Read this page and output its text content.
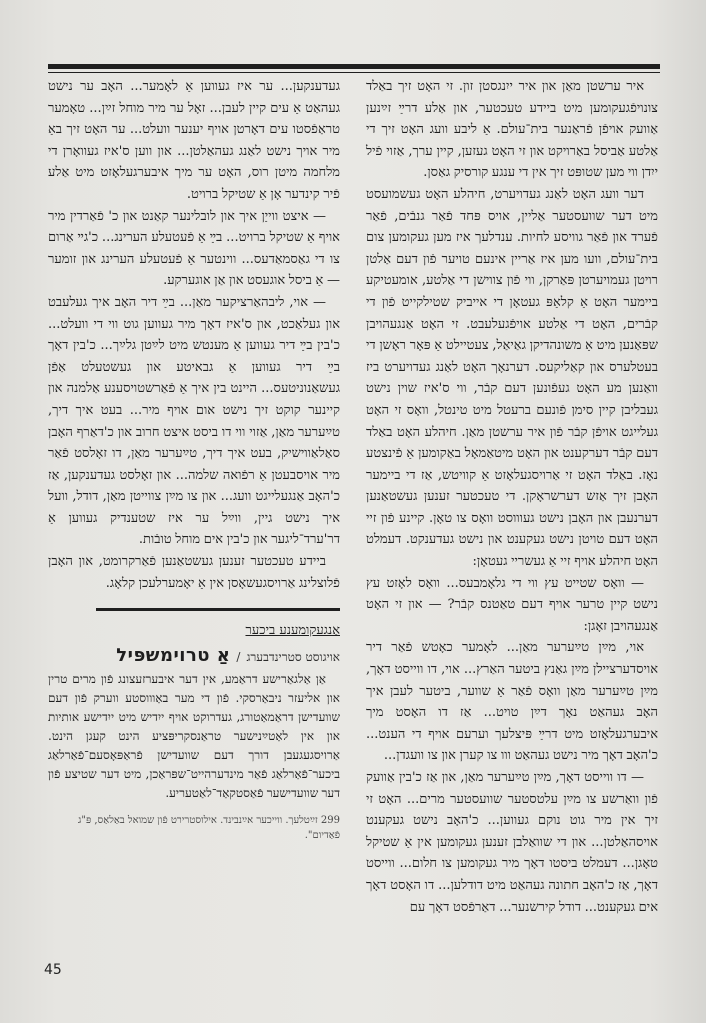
איר ערשטן מאַן און איר ייִנגסטן זון. זי האָט זיך באַלד צונויפֿגעקומען מיט ביידע טעכטער, און אַלע דרײַ זײַנען אַוועק אויפֿן פֿראַנער בית־עולם. אַ ליבע וועג האָט זיך די אַלטע אַביסל באַרויקט און זי האָט געזען, קיין ערך, אַזוי פֿיל ייִדן ווי מען שטופּט זיך אין די ענגע קורסיק גאַסן.

דער וועג האָט לאַנג געדויערט, חיהלע האָט געשמועסט מיט דער שוועסטער אַליין, אויס פּחד פֿאַר גנבֿים, פֿאַר פֿערד און פֿאַר גוויסע לחיות. ענדלעך איז מען געקומען צום בית־עולם, וועו מען איז אַריין אינעם טויער פֿון דעם אַלטן רויטן געמויערטן פּאַרקן, ווי פֿון צווישן די אַלטע, אומעטיקע ביימער האָט אַ קלאַפּ געטאָן די אייביק שטילקייט פֿון די קבֿרים, האָט די אַלטע אויפֿגעלעבט. זי האָט אַנגעהויבן שפּאַנען מיט אַ משונהדיקן גאַיאַל, צעטיילט אַ פּאָר ראָשן די בעטלערס און קאַליקעס. דערנאָך האָט לאַנג געדויערט ביז וואַנען מע האָט געפֿונען דעם קבֿר, ווי ס'איז שוין נישט געבליבן קיין סימן פֿונעם ברעטל מיט טינטל, וואָס זי האָט געלייגט אויפֿן קבֿר פֿון איר ערשטן מאַן. חיהלע האָט באַלד דעם קבֿר דערקענט און האָט מיטאַמאָל באַקומען אַ פֿינצטע נאָז. באַלד האָט זי אַרויסגעלאָזט אַ קוויטש, אַז די ביימער האָבן זיך אַזש דערשראָקן. די טעכטער זענען געשטאַנען דערנעבן און האָבן נישט געוווסט וואָס צו טאָן. קיינע פֿון זיי האָט דעם טויטן נישט געקענט און נישט געדענקט. דעמלט האָט חיהלע אויף זיי אַ געשריי געטאָן:

— וואָס שטייט עץ ווי די גלאָמבעס... וואָס לאָזט עץ נישט קיין טרער אויף דעם טאַטנס קבֿר? — און זי האָט אַנגעהויבן זאָגן:

אוי, מײַן טײַערער מאַן... לאָמער כאָטש פֿאַר דיר אויסדערציילן מײַן גאַנץ ביטער האַרץ... אוי, דו ווייסט דאָך, מײַן טײַערער מאַן וואָס פֿאַר אַ שווער, ביטער לעבן איך האָב געהאַט נאָך דײַן טויט... אַז דו האָסט מיך איבערגעלאָזט מיט דרײַ פּיצלעך וערעם אויף די הענט... כ'האָב דאָך מיר נישט געהאַט ווו צו קערן און צו וועגדן...

— דו ווייסט דאָך, מײַן טײַערער מאַן, און אַז כ'בין אַוועק פֿון וואַרשע צו מײַן עלטסטער שוועסטער מרים... האָט זי זיך אין מיר גוט נוקם געווען... כ'האָב נישט געקענט אויסהאַלטן... און די שוואַלבן זענען געקומען אין אַ שטיקל טאָגן... דעמלט ביסטו דאָך מיר געקומען צו חלום... ווייסט דאָך, אַז כ'האָב חתונה געהאַט מיט דודלען... דו האָסט דאָך אים געקענט... דודל קירשנער... דאַרפֿסט דאָך עם

געדענקען... ער איז געווען אַ לאָמער... האָב ער נישט געהאַט אַ עים קיין לעבן... זאָל ער מיר מוחל זײַן... טאָמער טראַפֿסטו עים דאָרטן אויף יענער וועלט... ער האָט זיך באַ מיר אויך נישט לאַנג געהאַלטן... און ווען ס'איז געוואָרן די מלחמה מיטן רוס, האָט ער מיך איבערגעלאָזט מיט אַלע פֿיר קינדער אָן אַ שטיקל ברויט.

— איצט ווייַן איך און לובלינער קאַנט און כ' פֿאַרדין מיר אויף אַ שטיקל ברויט... בײַ אַ פֿעטעלע הערינג... כ'גײ אַרום צו די גאַסמאַדעס... ווינטער אַ פֿעטעלע הערינג און זומער — אַ ביסל אוגעסט און אַן אוגערקע.

— אוי, ליבהאַרציקער מאַן... בײַ דיר האָב איך געלעבט און געלאַכט, און ס'איז דאָך מיר געווען גוט ווי די וועלט... כ'בין בײַ דיר געווען אַ מענטש מיט לײַטן גלײַך... כ'בין דאָך בײַ דיר געווען אַ גבאיטע און געשטעלט אַפֿן געשאַנוניטעס... היינט בין איך אַ פֿאַרשטויסענע אַלמנה און קיינער קוקט זיך נישט אום אויף מיר... בעט איך דיך, טײַערער מאַן, אַזוי ווי דו ביסט איצט חרוב און כ'דאַרף האָבן סאַלאַווישיק, בעט איך דיך, טײַערער מאַן, דו זאָלסט פֿאַר מיר אויסבעטן אַ רפֿואה שלמה... און זאָלסט געדענקען, אַז כ'האָב אַנגעלייגט וועג... און צו מײַן צווייטן מאַן, דודל, וועל איך נישט גיין, ווײַל ער איז שטענדיק געווען אַ דר'ערד־ליגער און כ'בין אים מוחל טובֿות.

ביידע טעכטער זענען געשטאַנען פֿאַרקרומט, און האָבן פֿלוצלינג אַרויסגעשאָסן אין אַ יאָמערלעכן קלאָג.

אַנגעקומענע ביכער
אויגוסט סטרינדבערג
/
אַ טרוימשפּיל

אַן אַלגאַרישע דראַמע, אין דער איבערזעצונג פֿון מרים טרין און אליעזר ניבאַרסקי. פֿון די מער באַוווסטע ווערק פֿון דעם שוועדישן דראַמאַטורג, געדרוקט אויף ייִדיש מיט ייִדישע אותיות און אין לאַטײַנישער טראַנסקריפּציע הינט קעגן הינט. אַרויסגעגעבן דורך דעם שוועדישן פֿראַפּאָסעם־פֿאַרלאַג ביכער־פֿאַרלאַג פֿאַר מינדערהייט־שפּראַכן, מיט דער שטיצע פֿון דער שוועדישער פֿאַסטקאַד־לאַטעריע.

299 זײַטלעך. ווייכער אײַנבינד. אילוסטרירט פֿון שמואל באַלאַס, פּ"ג פֿאַדיום".
45
